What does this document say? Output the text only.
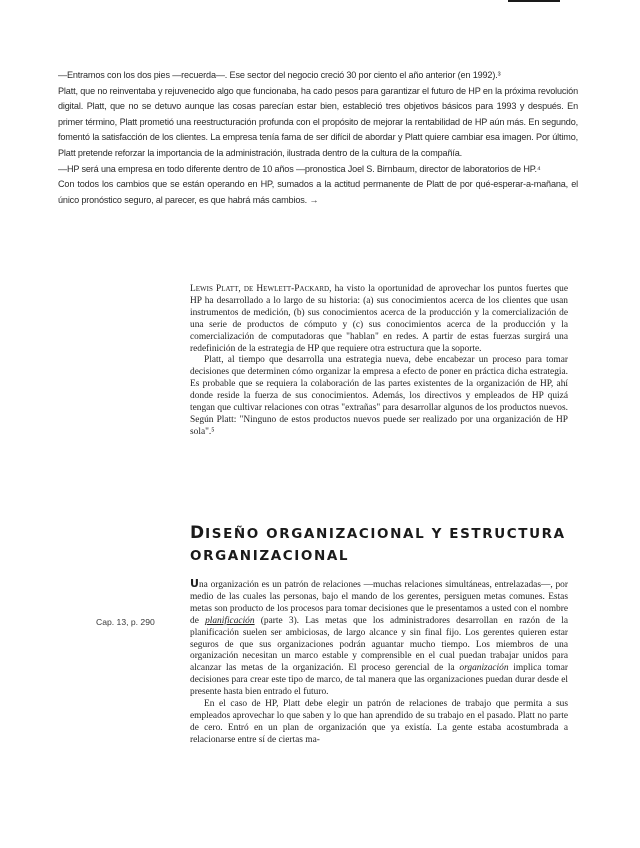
—Entramos con los dos pies —recuerda—. Ese sector del negocio creció 30 por ciento el año anterior (en 1992).³

Platt, que no reinventaba y rejuvenecido algo que funcionaba, ha cado pesos para garantizar el futuro de HP en la próxima revolución digital. Platt, que no se detuvo aunque las cosas parecían estar bien, estableció tres objetivos básicos para 1993 y después. En primer término, Platt prometió una reestructuración profunda con el propósito de mejorar la rentabilidad de HP aún más. En segundo, fomentó la satisfacción de los clientes. La empresa tenía fama de ser difícil de abordar y Platt quiere cambiar esa imagen. Por último, Platt pretende reforzar la importancia de la administración, ilustrada dentro de la cultura de la compañía.

—HP será una empresa en todo diferente dentro de 10 años —pronostica Joel S. Birnbaum, director de laboratorios de HP.⁴

Con todos los cambios que se están operando en HP, sumados a la actitud permanente de Platt de por qué-esperar-a-mañana, el único pronóstico seguro, al parecer, es que habrá más cambios. →

Lewis Platt, de Hewlett-Packard, ha visto la oportunidad de aprovechar los puntos fuertes que HP ha desarrollado a lo largo de su historia: (a) sus conocimientos acerca de los clientes que usan instrumentos de medición, (b) sus conocimientos acerca de la producción y la comercialización de una serie de productos de cómputo y (c) sus conocimientos acerca de la producción y la comercialización de computadoras que "hablan" en redes. A partir de estas fuerzas surgirá una redefinición de la estrategia de HP que requiere otra estructura que la soporte.

Platt, al tiempo que desarrolla una estrategia nueva, debe encabezar un proceso para tomar decisiones que determinen cómo organizar la empresa a efecto de poner en práctica dicha estrategia. Es probable que se requiera la colaboración de las partes existentes de la organización de HP, ahí donde reside la fuerza de sus conocimientos. Además, los directivos y empleados de HP quizá tengan que cultivar relaciones con otras "extrañas" para desarrollar algunos de los productos nuevos. Según Platt: "Ninguno de estos productos nuevos puede ser realizado por una organización de HP sola".⁵

DISEÑO ORGANIZACIONAL Y ESTRUCTURA
ORGANIZACIONAL
Cap. 13, p. 290

Una organización es un patrón de relaciones —muchas relaciones simultáneas, entrelazadas—, por medio de las cuales las personas, bajo el mando de los gerentes, persiguen metas comunes. Estas metas son producto de los procesos para tomar decisiones que le presentamos a usted con el nombre de planificación (parte 3). Las metas que los administradores desarrollan en razón de la planificación suelen ser ambiciosas, de largo alcance y sin final fijo. Los gerentes quieren estar seguros de que sus organizaciones podrán aguantar mucho tiempo. Los miembros de una organización necesitan un marco estable y comprensible en el cual puedan trabajar unidos para alcanzar las metas de la organización. El proceso gerencial de la organización implica tomar decisiones para crear este tipo de marco, de tal manera que las organizaciones puedan durar desde el presente hasta bien entrado el futuro.

En el caso de HP, Platt debe elegir un patrón de relaciones de trabajo que permita a sus empleados aprovechar lo que saben y lo que han aprendido de su trabajo en el pasado. Platt no parte de cero. Entró en un plan de organización que ya existía. La gente estaba acostumbrada a relacionarse entre sí de ciertas ma-
